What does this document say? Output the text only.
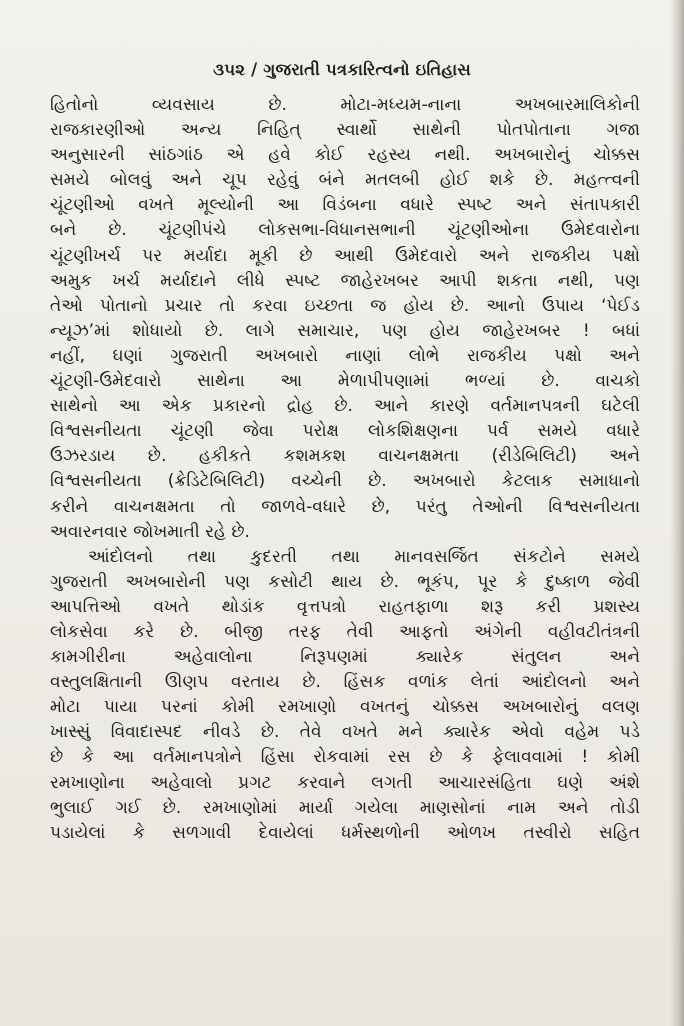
૩૫૨ / ગુજરાતી પત્રકારિત્વનો ઇતિહાસ
હિતોનો વ્યવસાય છે. મોટા-મધ્યમ-નાના અખબારમાલિકોની
રાજકારણીઓ અન્ય નિહિત્ સ્વાર્થો સાથેની પોતપોતાના ગજા
અનુસારની સાંઠગાંઠ એ હવે કોઈ રહસ્ય નથી. અખબારોનું ચોક્કસ
સમયે બોલવું અને ચૂપ રહેવું બંને મતલબી હોઈ શકે છે. મહત્ત્વની
ચૂંટણીઓ વખતે મૂલ્યોની આ વિડંબના વધારે સ્પષ્ટ અને સંતાપકારી
બને છે. ચૂંટણીપંચે લોકસભા-વિધાનસભાની ચૂંટણીઓના ઉમેદવારોના
ચૂંટણીખર્ચ પર મર્યાદા મૂકી છે આથી ઉમેદવારો અને રાજકીય પક્ષો
અમુક ખર્ચ મર્યાદાને લીધે સ્પષ્ટ જાહેરખબર આપી શકતા નથી, પણ
તેઓ પોતાનો પ્રચાર તો કરવા ઇચ્છતા જ હોય છે. આનો ઉપાય ‘પેઈડ
ન્યૂઝ’માં શોધાયો છે. લાગે સમાચાર, પણ હોય જાહેરખબર ! બધાં
નહીં, ઘણાં ગુજરાતી અખબારો નાણાં લોભે રાજકીય પક્ષો અને
ચૂંટણી-ઉમેદવારો સાથેના આ મેળાપીપણામાં ભળ્યાં છે. વાચકો
સાથેનો આ એક પ્રકારનો દ્રોહ છે. આને કારણે વર્તમાનપત્રની ઘટેલી
વિશ્વસનીયતા ચૂંટણી જેવા પરોક્ષ લોકશિક્ષણના પર્વ સમયે વધારે
ઉઝરડાય છે. હકીકતે કશમકશ વાચનક્ષમતા (રીડેબિલિટી) અને
વિશ્વસનીયતા (ક્રેડિટેબિલિટી) વચ્ચેની છે. અખબારો કેટલાક સમાધાનો
કરીને વાચનક્ષમતા તો જાળવે-વધારે છે, પરંતુ તેઓની વિશ્વસનીયતા
અવારનવાર જોખમાતી રહે છે.
આંદોલનો તથા કુદરતી તથા માનવસર્જિત સંકટોને સમયે
ગુજરાતી અખબારોની પણ કસોટી થાય છે. ભૂકંપ, પૂર કે દુષ્કાળ જેવી
આપત્તિઓ વખતે થોડાંક વૃત્તપત્રો રાહતફાળા શરૂ કરી પ્રશસ્ય
લોકસેવા કરે છે. બીજી તરફ તેવી આફતો અંગેની વહીવટીતંત્રની
કામગીરીના અહેવાલોના નિરૂપણમાં ક્યારેક સંતુલન અને
વસ્તુલક્ષિતાની ઊણપ વરતાય છે. હિંસક વળાંક લેતાં આંદોલનો અને
મોટા પાયા પરનાં કોમી રમખાણો વખતનું ચોક્કસ અખબારોનું વલણ
ખાસ્સું વિવાદાસ્પદ નીવડે છે. તેવે વખતે મને ક્યારેક એવો વહેમ પડે
છે કે આ વર્તમાનપત્રોને હિંસા રોકવામાં રસ છે કે ફેલાવવામાં ! કોમી
રમખાણોના અહેવાલો પ્રગટ કરવાને લગતી આચારસંહિતા ઘણે અંશે
ભુલાઈ ગઈ છે. રમખાણોમાં માર્યા ગયેલા માણસોનાં નામ અને તોડી
પડાયેલાં કે સળગાવી દેવાયેલાં ધર્મસ્થળોની ઓળખ તસ્વીરો સહિત
